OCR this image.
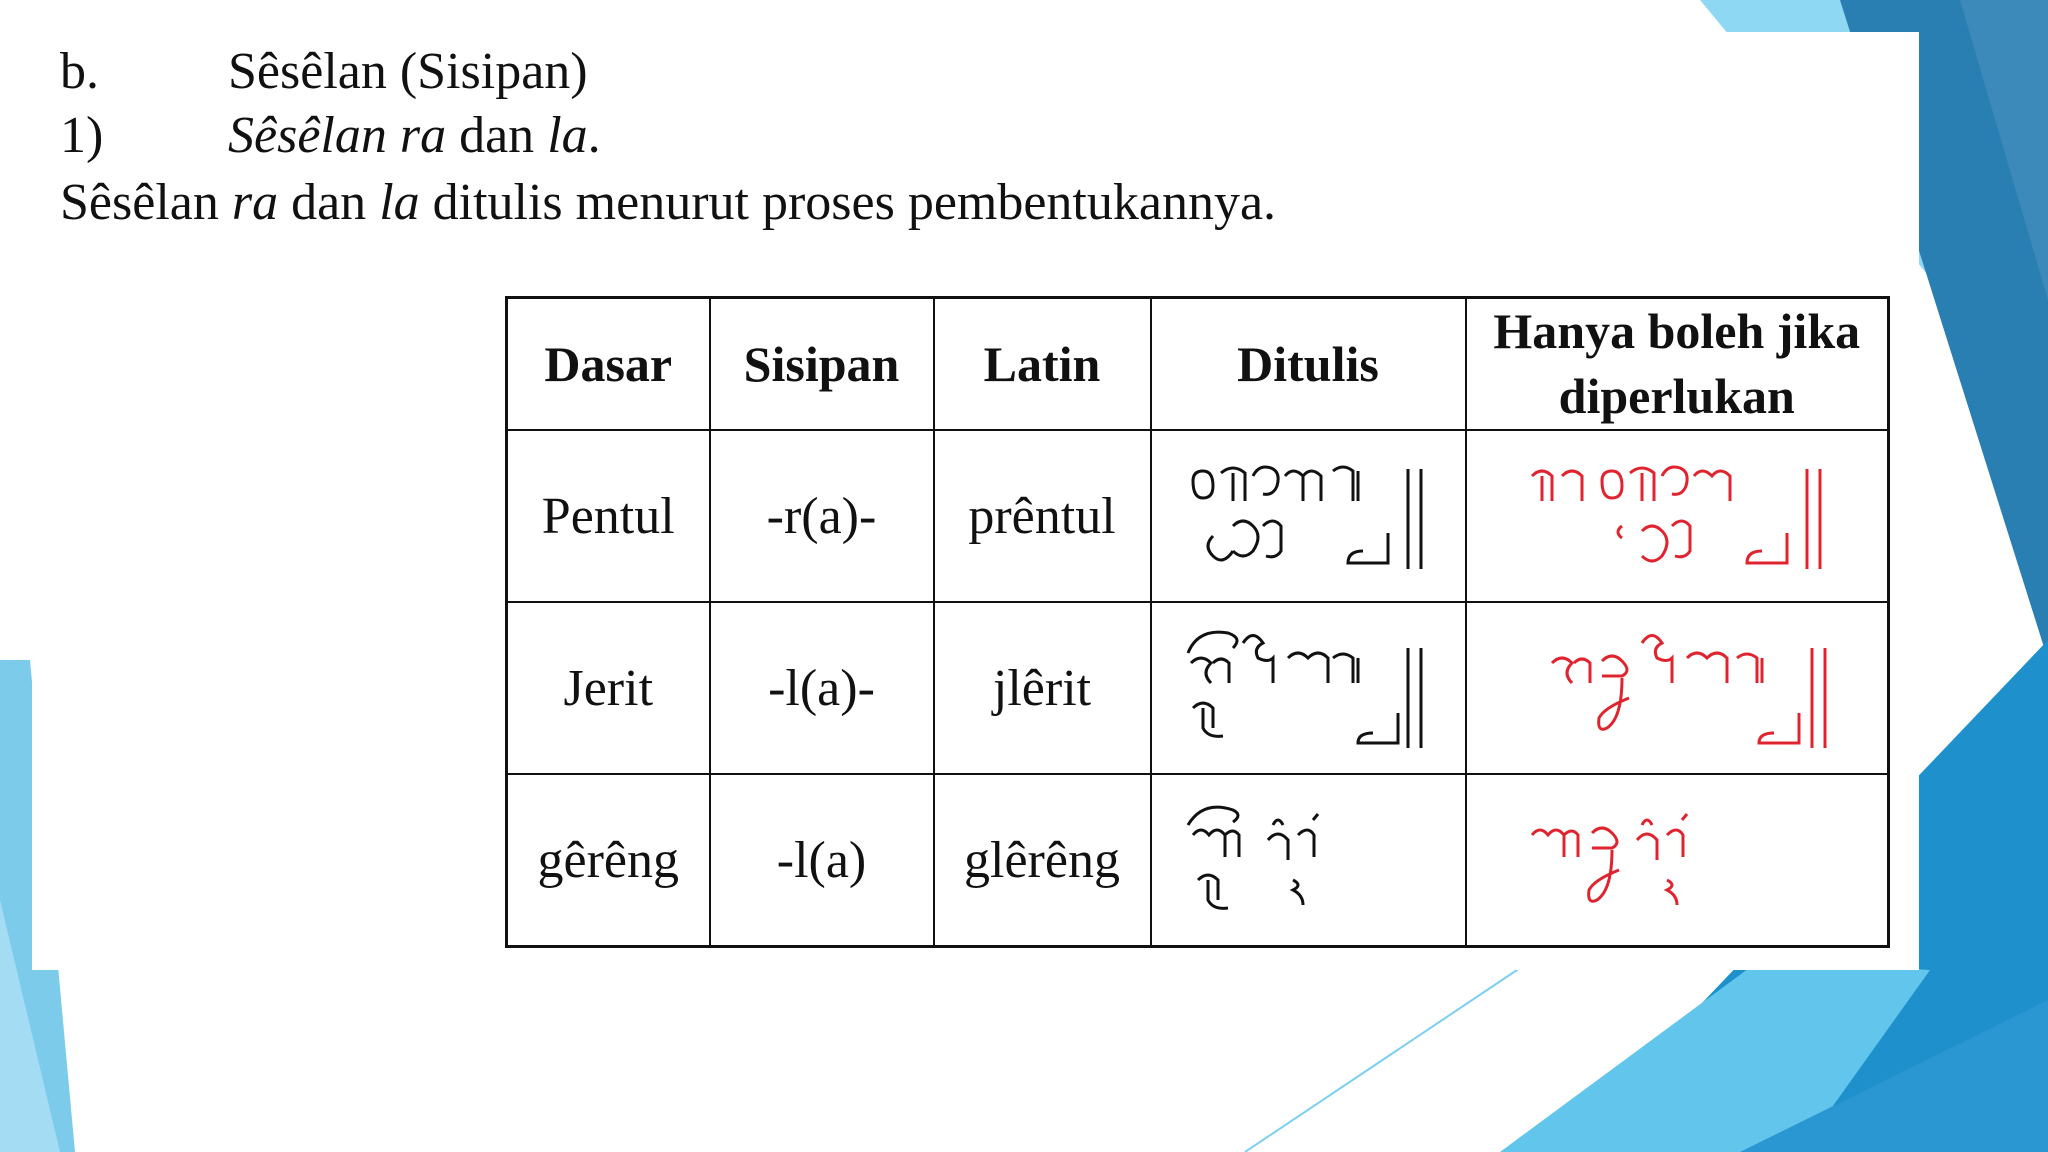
b. Sêsêlan (Sisipan)
1) Sêsêlan ra dan la.
Sêsêlan ra dan la ditulis menurut proses pembentukannya.
Dasar	Sisipan	Latin	Ditulis	Hanya boleh jika diperlukan
Pentul	-r(a)-	prêntul	

Jerit	-l(a)-	jlêrit	

gêrêng	-l(a)	glêrêng	
